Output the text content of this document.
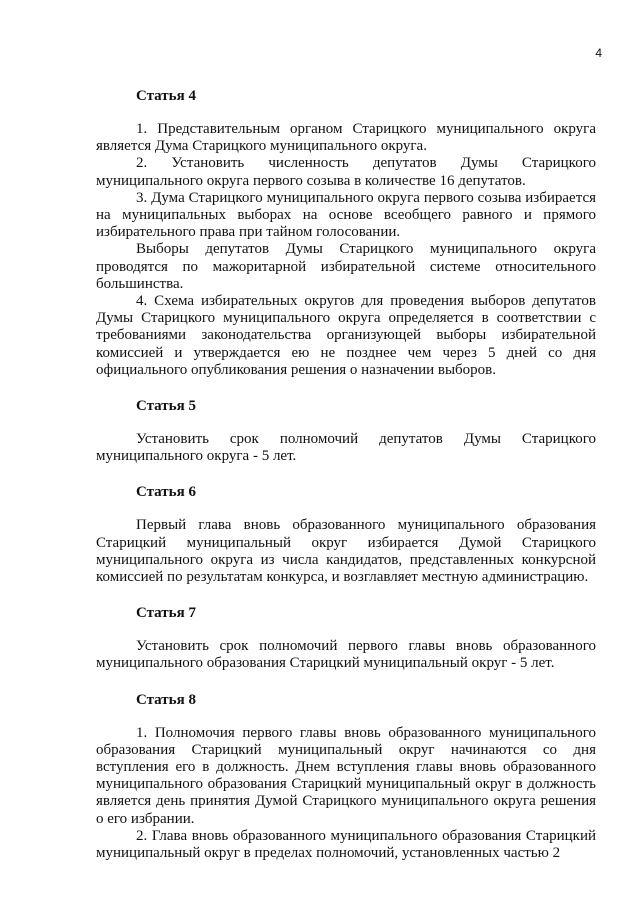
4
Статья 4

1. Представительным органом Старицкого муниципального округа является Дума Старицкого муниципального округа.

2. Установить численность депутатов Думы Старицкого муниципального округа первого созыва в количестве 16 депутатов.

3. Дума Старицкого муниципального округа первого созыва избирается на муниципальных выборах на основе всеобщего равного и прямого избирательного права при тайном голосовании.

Выборы депутатов Думы Старицкого муниципального округа проводятся по мажоритарной избирательной системе относительного большинства.

4. Схема избирательных округов для проведения выборов депутатов Думы Старицкого муниципального округа определяется в соответствии с требованиями законодательства организующей выборы избирательной комиссией и утверждается ею не позднее чем через 5 дней со дня официального опубликования решения о назначении выборов.

Статья 5

Установить срок полномочий депутатов Думы Старицкого муниципального округа - 5 лет.

Статья 6

Первый глава вновь образованного муниципального образования Старицкий муниципальный округ избирается Думой Старицкого муниципального округа из числа кандидатов, представленных конкурсной комиссией по результатам конкурса, и возглавляет местную администрацию.

Статья 7

Установить срок полномочий первого главы вновь образованного муниципального образования Старицкий муниципальный округ - 5 лет.

Статья 8

1. Полномочия первого главы вновь образованного муниципального образования Старицкий муниципальный округ начинаются со дня вступления его в должность. Днем вступления главы вновь образованного муниципального образования Старицкий муниципальный округ в должность является день принятия Думой Старицкого муниципального округа решения о его избрании.

2. Глава вновь образованного муниципального образования Старицкий муниципальный округ в пределах полномочий, установленных частью 2
